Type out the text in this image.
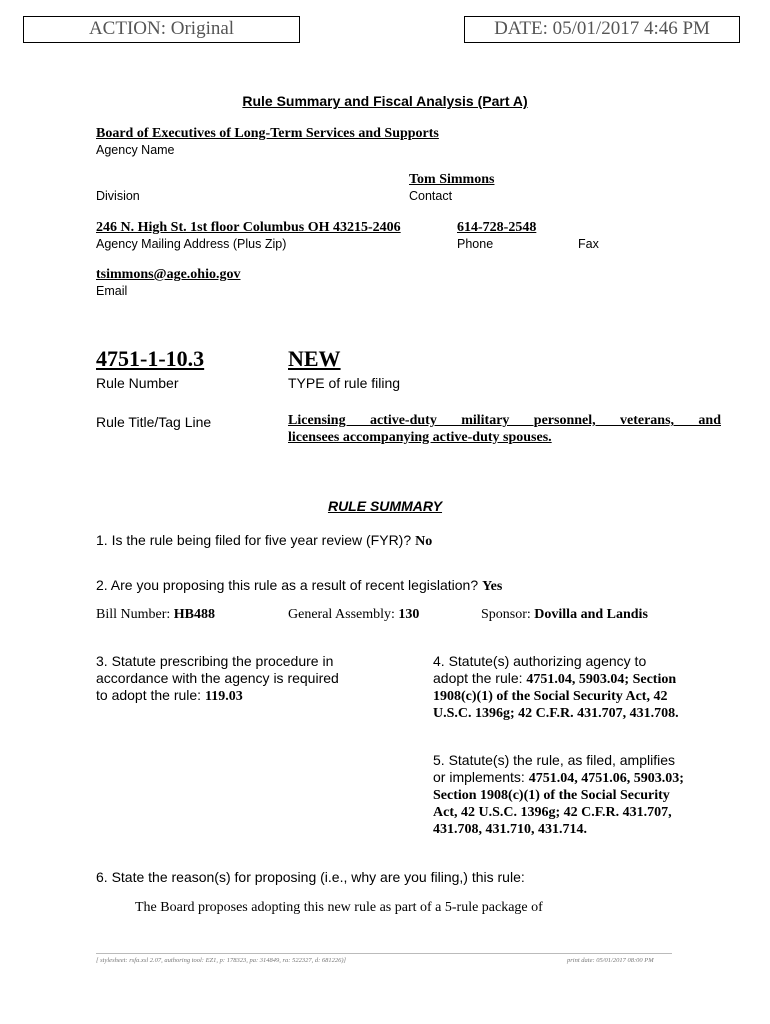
ACTION: Original	DATE: 05/01/2017 4:46 PM
Rule Summary and Fiscal Analysis (Part A)
Board of Executives of Long-Term Services and Supports
Agency Name
Tom Simmons
Division	Contact
246 N. High St. 1st floor Columbus OH 43215-2406	614-728-2548
Agency Mailing Address (Plus Zip)	Phone	Fax
tsimmons@age.ohio.gov
Email
4751-1-10.3	NEW
Rule Number	TYPE of rule filing
Rule Title/Tag Line	Licensing active-duty military personnel, veterans, and
licensees accompanying active-duty spouses.
RULE SUMMARY
1. Is the rule being filed for five year review (FYR)? No
2. Are you proposing this rule as a result of recent legislation? Yes
Bill Number: HB488	General Assembly: 130	Sponsor: Dovilla and Landis
3. Statute prescribing the procedure in
accordance with the agency is required
to adopt the rule: 119.03
4. Statute(s) authorizing agency to
adopt the rule: 4751.04, 5903.04; Section
1908(c)(1) of the Social Security Act, 42
U.S.C. 1396g; 42 C.F.R. 431.707, 431.708.
5. Statute(s) the rule, as filed, amplifies
or implements: 4751.04, 4751.06, 5903.03;
Section 1908(c)(1) of the Social Security
Act, 42 U.S.C. 1396g; 42 C.F.R. 431.707,
431.708, 431.710, 431.714.
6. State the reason(s) for proposing (i.e., why are you filing,) this rule:
The Board proposes adopting this new rule as part of a 5-rule package of
[ stylesheet: rsfa.xsl 2.07, authoring tool: EZ1, p: 178323, pa: 314849, ra: 522327, d: 681226)]	print date: 05/01/2017 08:00 PM
